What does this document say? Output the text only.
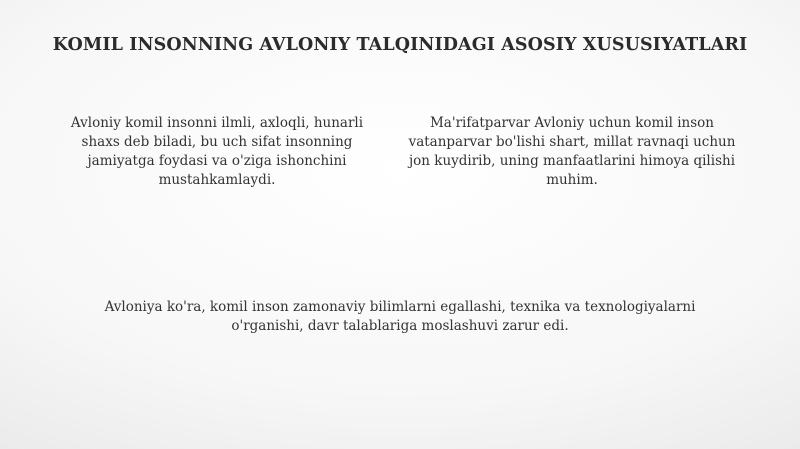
KOMIL INSONNING AVLONIY TALQINIDAGI ASOSIY XUSUSIYATLARI

Avloniy komil insonni ilmli, axloqli, hunarli shaxs deb biladi, bu uch sifat insonning jamiyatga foydasi va o'ziga ishonchini mustahkamlaydi.

Ma'rifatparvar Avloniy uchun komil inson vatanparvar bo'lishi shart, millat ravnaqi uchun jon kuydirib, uning manfaatlarini himoya qilishi muhim.

Avloniya ko'ra, komil inson zamonaviy bilimlarni egallashi, texnika va texnologiyalarni o'rganishi, davr talablariga moslashuvi zarur edi.
